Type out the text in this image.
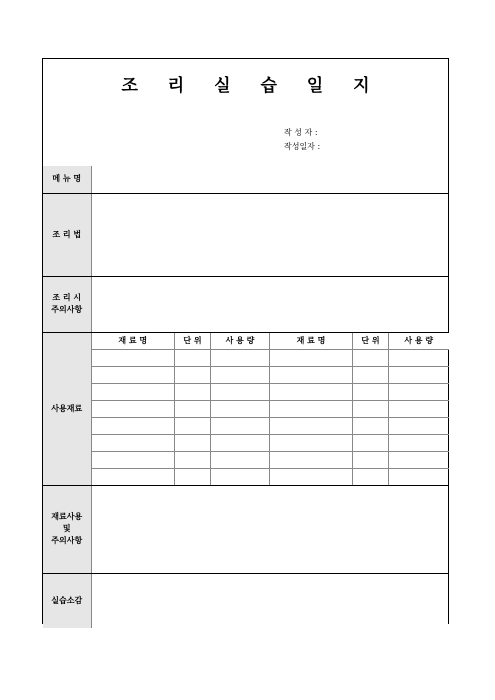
조 리 실 습 일 지
작 성 자 :
작성일자 :
메 뉴 명	
조 리 법	

조 리 시
주의사항

사용재료	
재 료 명	단 위	사 용 량	재 료 명	단 위	사 용 량

재료사용
및
주의사항

실습소감	
